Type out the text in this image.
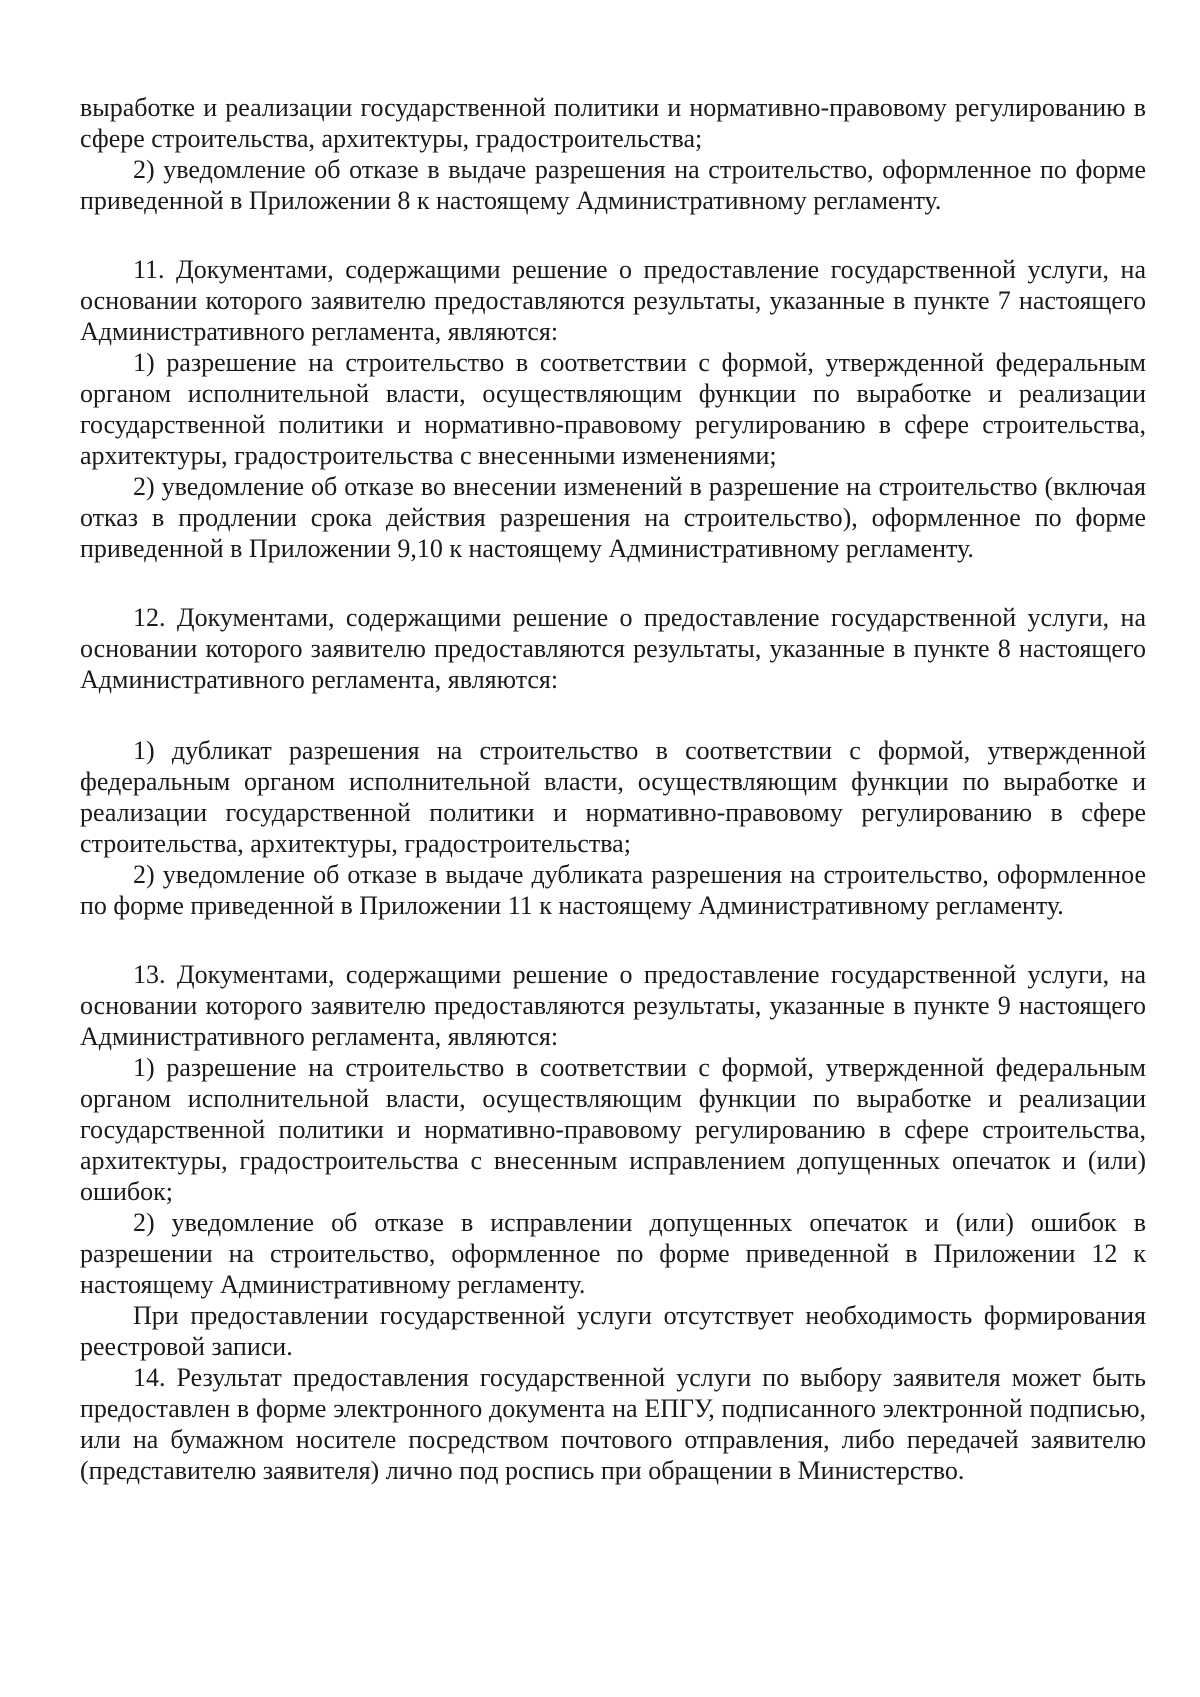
выработке и реализации государственной политики и нормативно-правовому регулированию в сфере строительства, архитектуры, градостроительства;

2) уведомление об отказе в выдаче разрешения на строительство, оформленное по форме приведенной в Приложении 8 к настоящему Административному регламенту.

11. Документами, содержащими решение о предоставление государственной услуги, на основании которого заявителю предоставляются результаты, указанные в пункте 7 настоящего Административного регламента, являются:

1) разрешение на строительство в соответствии с формой, утвержденной федеральным органом исполнительной власти, осуществляющим функции по выработке и реализации государственной политики и нормативно-правовому регулированию в сфере строительства, архитектуры, градостроительства с внесенными изменениями;

2) уведомление об отказе во внесении изменений в разрешение на строительство (включая отказ в продлении срока действия разрешения на строительство), оформленное по форме приведенной в Приложении 9,10 к настоящему Административному регламенту.

12. Документами, содержащими решение о предоставление государственной услуги, на основании которого заявителю предоставляются результаты, указанные в пункте 8 настоящего Административного регламента, являются:

1) дубликат разрешения на строительство в соответствии с формой, утвержденной федеральным органом исполнительной власти, осуществляющим функции по выработке и реализации государственной политики и нормативно-правовому регулированию в сфере строительства, архитектуры, градостроительства;

2) уведомление об отказе в выдаче дубликата разрешения на строительство, оформленное по форме приведенной в Приложении 11 к настоящему Административному регламенту.

13. Документами, содержащими решение о предоставление государственной услуги, на основании которого заявителю предоставляются результаты, указанные в пункте 9 настоящего Административного регламента, являются:

1) разрешение на строительство в соответствии с формой, утвержденной федеральным органом исполнительной власти, осуществляющим функции по выработке и реализации государственной политики и нормативно-правовому регулированию в сфере строительства, архитектуры, градостроительства с внесенным исправлением допущенных опечаток и (или) ошибок;

2) уведомление об отказе в исправлении допущенных опечаток и (или) ошибок в разрешении на строительство, оформленное по форме приведенной в Приложении 12 к настоящему Административному регламенту.

При предоставлении государственной услуги отсутствует необходимость формирования реестровой записи.

14. Результат предоставления государственной услуги по выбору заявителя может быть предоставлен в форме электронного документа на ЕПГУ, подписанного электронной подписью, или на бумажном носителе посредством почтового отправления, либо передачей заявителю (представителю заявителя) лично под роспись при обращении в Министерство.
